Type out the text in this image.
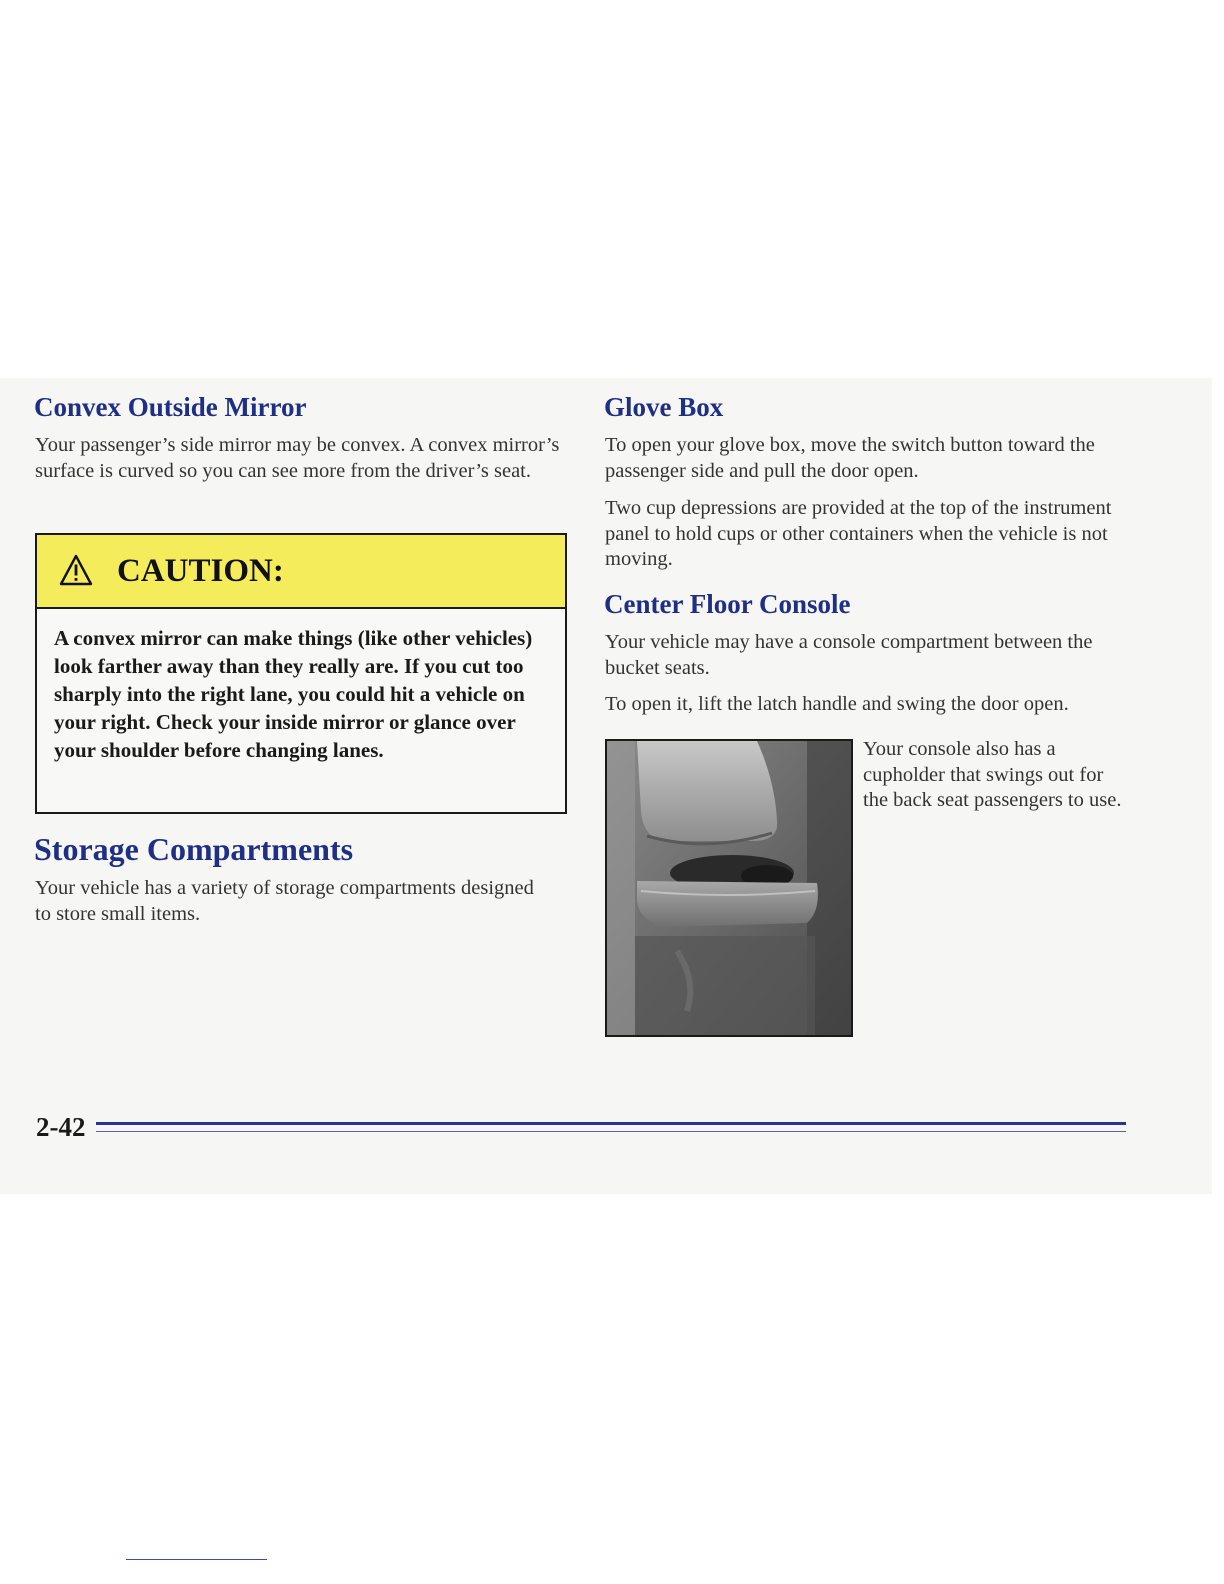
Convex Outside Mirror

Your passenger’s side mirror may be convex. A convex mirror’s surface is curved so you can see more from the driver’s seat.

CAUTION:

A convex mirror can make things (like other vehicles) look farther away than they really are. If you cut too sharply into the right lane, you could hit a vehicle on your right. Check your inside mirror or glance over your shoulder before changing lanes.

Storage Compartments

Your vehicle has a variety of storage compartments designed to store small items.

Glove Box

To open your glove box, move the switch button toward the passenger side and pull the door open.

Two cup depressions are provided at the top of the instrument panel to hold cups or other containers when the vehicle is not moving.

Center Floor Console

Your vehicle may have a console compartment between the bucket seats.

To open it, lift the latch handle and swing the door open.

Your console also has a cupholder that swings out for the back seat passengers to use.

2-42
